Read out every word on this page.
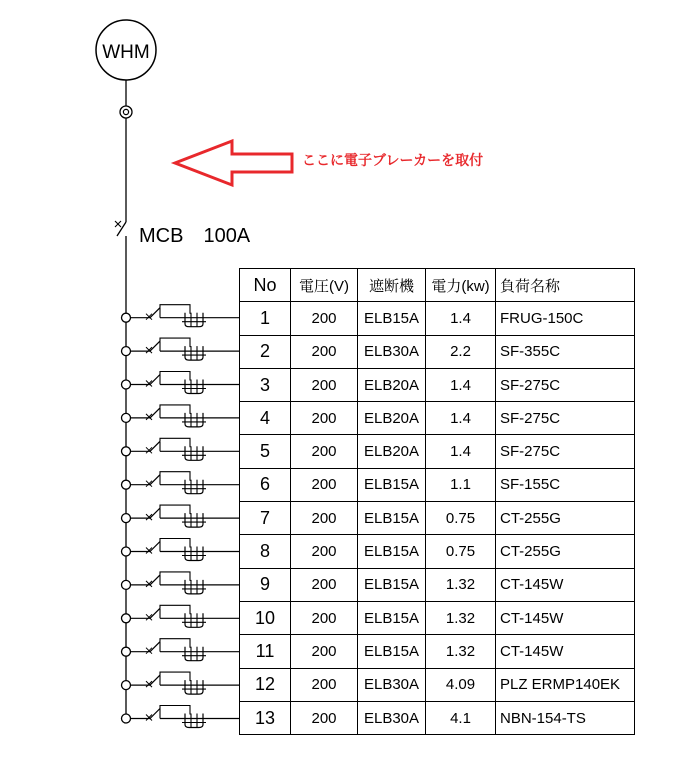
WHM
ここに電子ブレーカーを取付
MCB　100A
No	電圧(V)	遮断機	電力(kw)	負荷名称
1	200	ELB15A	1.4	FRUG-150C
2	200	ELB30A	2.2	SF-355C
3	200	ELB20A	1.4	SF-275C
4	200	ELB20A	1.4	SF-275C
5	200	ELB20A	1.4	SF-275C
6	200	ELB15A	1.1	SF-155C
7	200	ELB15A	0.75	CT-255G
8	200	ELB15A	0.75	CT-255G
9	200	ELB15A	1.32	CT-145W
10	200	ELB15A	1.32	CT-145W
11	200	ELB15A	1.32	CT-145W
12	200	ELB30A	4.09	PLZ ERMP140EK
13	200	ELB30A	4.1	NBN-154-TS
